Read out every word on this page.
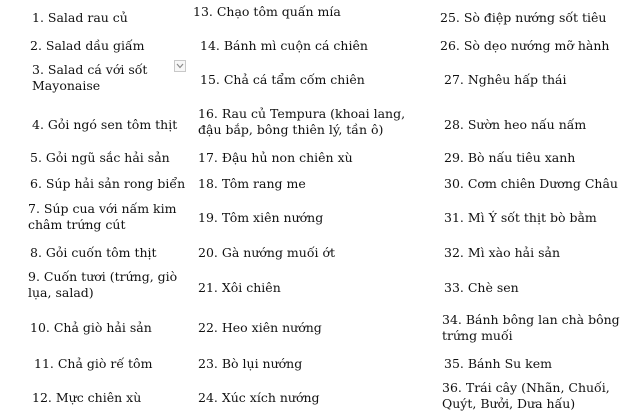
1. Salad rau củ
2. Salad dầu giấm
3. Salad cá với sốt Mayonaise
4. Gỏi ngó sen tôm thịt
5. Gỏi ngũ sắc hải sản
6. Súp hải sản rong biển
7. Súp cua với nấm kim châm trứng cút
8. Gỏi cuốn tôm thịt
9. Cuốn tươi (trứng, giò lụa, salad)
10. Chả giò hải sản
11. Chả giò rế tôm
12. Mực chiên xù
13. Chạo tôm quấn mía
14. Bánh mì cuộn cá chiên
15. Chả cá tẩm cốm chiên
16. Rau củ Tempura (khoai lang, đậu bắp, bông thiên lý, tần ô)
17. Đậu hủ non chiên xù
18. Tôm rang me
19. Tôm xiên nướng
20. Gà nướng muối ớt
21. Xôi chiên
22. Heo xiên nướng
23. Bò lụi nướng
24. Xúc xích nướng
25. Sò điệp nướng sốt tiêu
26. Sò dẹo nướng mỡ hành
27. Nghêu hấp thái
28. Sườn heo nấu nấm
29. Bò nấu tiêu xanh
30. Cơm chiên Dương Châu
31. Mì Ý sốt thịt bò bằm
32. Mì xào hải sản
33. Chè sen
34. Bánh bông lan chà bông trứng muối
35. Bánh Su kem
36. Trái cây (Nhãn, Chuối, Quýt, Bưởi, Dưa hấu)
